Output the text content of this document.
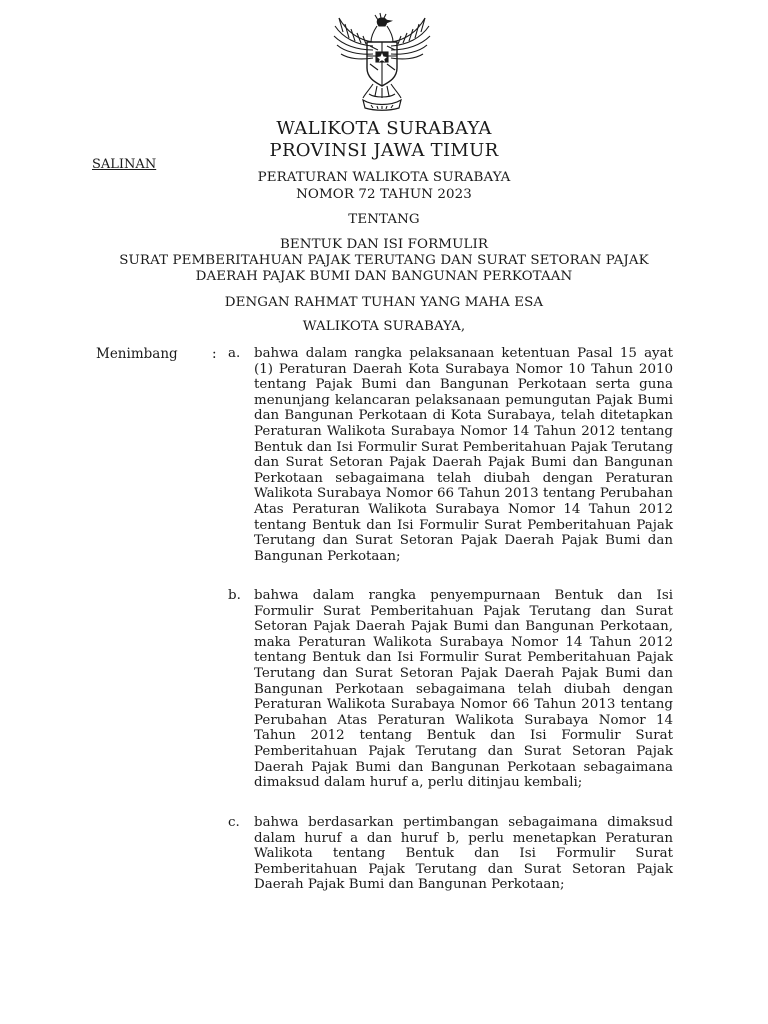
WALIKOTA SURABAYA
PROVINSI JAWA TIMUR
SALINAN
PERATURAN WALIKOTA SURABAYA
NOMOR 72 TAHUN 2023
TENTANG
BENTUK DAN ISI FORMULIR
SURAT PEMBERITAHUAN PAJAK TERUTANG DAN SURAT SETORAN PAJAK
DAERAH PAJAK BUMI DAN BANGUNAN PERKOTAAN
DENGAN RAHMAT TUHAN YANG MAHA ESA
WALIKOTA SURABAYA,
Menimbang	: a.	bahwa dalam rangka pelaksanaan ketentuan Pasal 15 ayat (1) Peraturan Daerah Kota Surabaya Nomor 10 Tahun 2010 tentang Pajak Bumi dan Bangunan Perkotaan serta guna menunjang kelancaran pelaksanaan pemungutan Pajak Bumi dan Bangunan Perkotaan di Kota Surabaya, telah ditetapkan Peraturan Walikota Surabaya Nomor 14 Tahun 2012 tentang Bentuk dan Isi Formulir Surat Pemberitahuan Pajak Terutang dan Surat Setoran Pajak Daerah Pajak Bumi dan Bangunan Perkotaan sebagaimana telah diubah dengan Peraturan Walikota Surabaya Nomor 66 Tahun 2013 tentang Perubahan Atas Peraturan Walikota Surabaya Nomor 14 Tahun 2012 tentang Bentuk dan Isi Formulir Surat Pemberitahuan Pajak Terutang dan Surat Setoran Pajak Daerah Pajak Bumi dan Bangunan Perkotaan;
b. bahwa dalam rangka penyempurnaan Bentuk dan Isi Formulir Surat Pemberitahuan Pajak Terutang dan Surat Setoran Pajak Daerah Pajak Bumi dan Bangunan Perkotaan, maka Peraturan Walikota Surabaya Nomor 14 Tahun 2012 tentang Bentuk dan Isi Formulir Surat Pemberitahuan Pajak Terutang dan Surat Setoran Pajak Daerah Pajak Bumi dan Bangunan Perkotaan sebagaimana telah diubah dengan Peraturan Walikota Surabaya Nomor 66 Tahun 2013 tentang Perubahan Atas Peraturan Walikota Surabaya Nomor 14 Tahun 2012 tentang Bentuk dan Isi Formulir Surat Pemberitahuan Pajak Terutang dan Surat Setoran Pajak Daerah Pajak Bumi dan Bangunan Perkotaan sebagaimana dimaksud dalam huruf a, perlu ditinjau kembali;
c.	bahwa berdasarkan pertimbangan sebagaimana dimaksud dalam huruf a dan huruf b, perlu menetapkan Peraturan Walikota tentang Bentuk dan Isi Formulir Surat Pemberitahuan Pajak Terutang dan Surat Setoran Pajak Daerah Pajak Bumi dan Bangunan Perkotaan;
